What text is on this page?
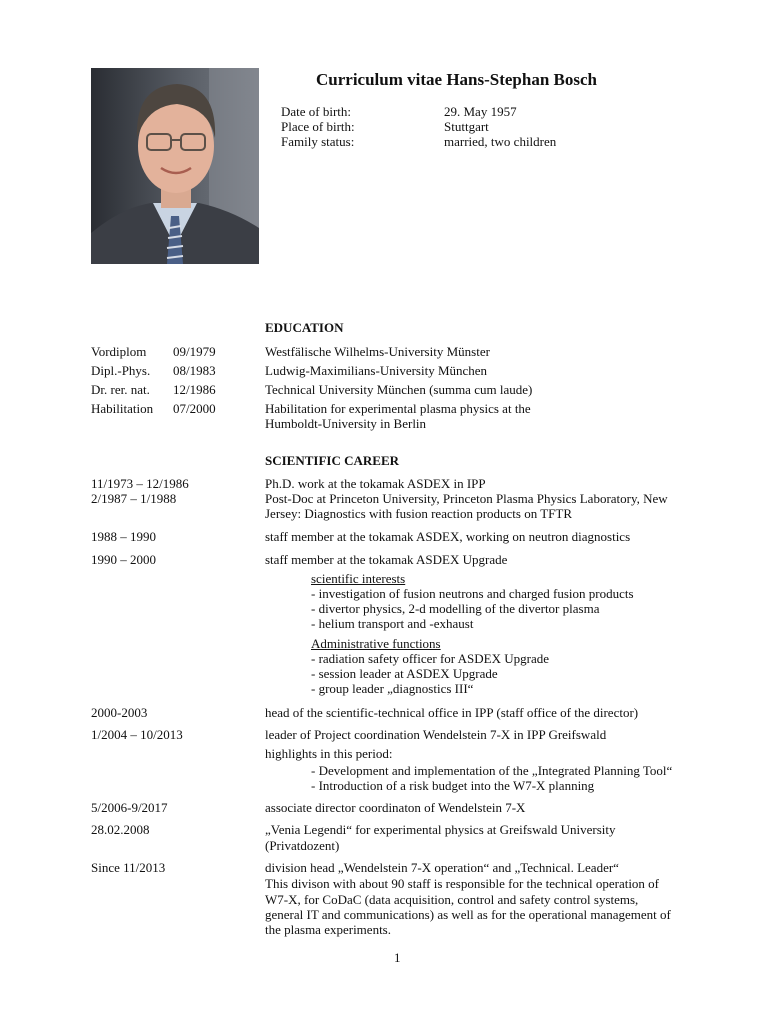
Curriculum vitae Hans-Stephan Bosch
Date of birth:	29. May 1957
Place of birth:	Stuttgart
Family status:	married, two children
EDUCATION
Vordiplom 09/1979	Westfälische Wilhelms-University Münster
Dipl.-Phys. 08/1983	Ludwig-Maximilians-University München
Dr. rer. nat. 12/1986	Technical University München (summa cum laude)
Habilitation 07/2000	Habilitation for experimental plasma physics at the
Humboldt-University in Berlin
SCIENTIFIC CAREER
11/1973 – 12/1986	Ph.D. work at the tokamak ASDEX in IPP
2/1987 – 1/1988	Post-Doc at Princeton University, Princeton Plasma Physics Laboratory, New
Jersey: Diagnostics with fusion reaction products on TFTR
1988 – 1990	staff member at the tokamak ASDEX, working on neutron diagnostics
1990 – 2000	staff member at the tokamak ASDEX Upgrade
scientific interests
- investigation of fusion neutrons and charged fusion products
- divertor physics, 2-d modelling of the divertor plasma
- helium transport and -exhaust
Administrative functions
- radiation safety officer for ASDEX Upgrade
- session leader at ASDEX Upgrade
- group leader „diagnostics III“
2000-2003	head of the scientific-technical office in IPP (staff office of the director)
1/2004 – 10/2013	leader of Project coordination Wendelstein 7-X in IPP Greifswald
highlights in this period:
- Development and implementation of the „Integrated Planning Tool“
- Introduction of a risk budget into the W7-X planning
5/2006-9/2017	associate director coordinaton of Wendelstein 7-X
28.02.2008	„Venia Legendi“ for experimental physics at Greifswald University
(Privatdozent)
Since 11/2013	division head „Wendelstein 7-X operation“ and „Technical. Leader“
This divison with about 90 staff is responsible for the technical operation of
W7-X, for CoDaC (data acquisition, control and safety control systems,
general IT and communications) as well as for the operational management of
the plasma experiments.
1
